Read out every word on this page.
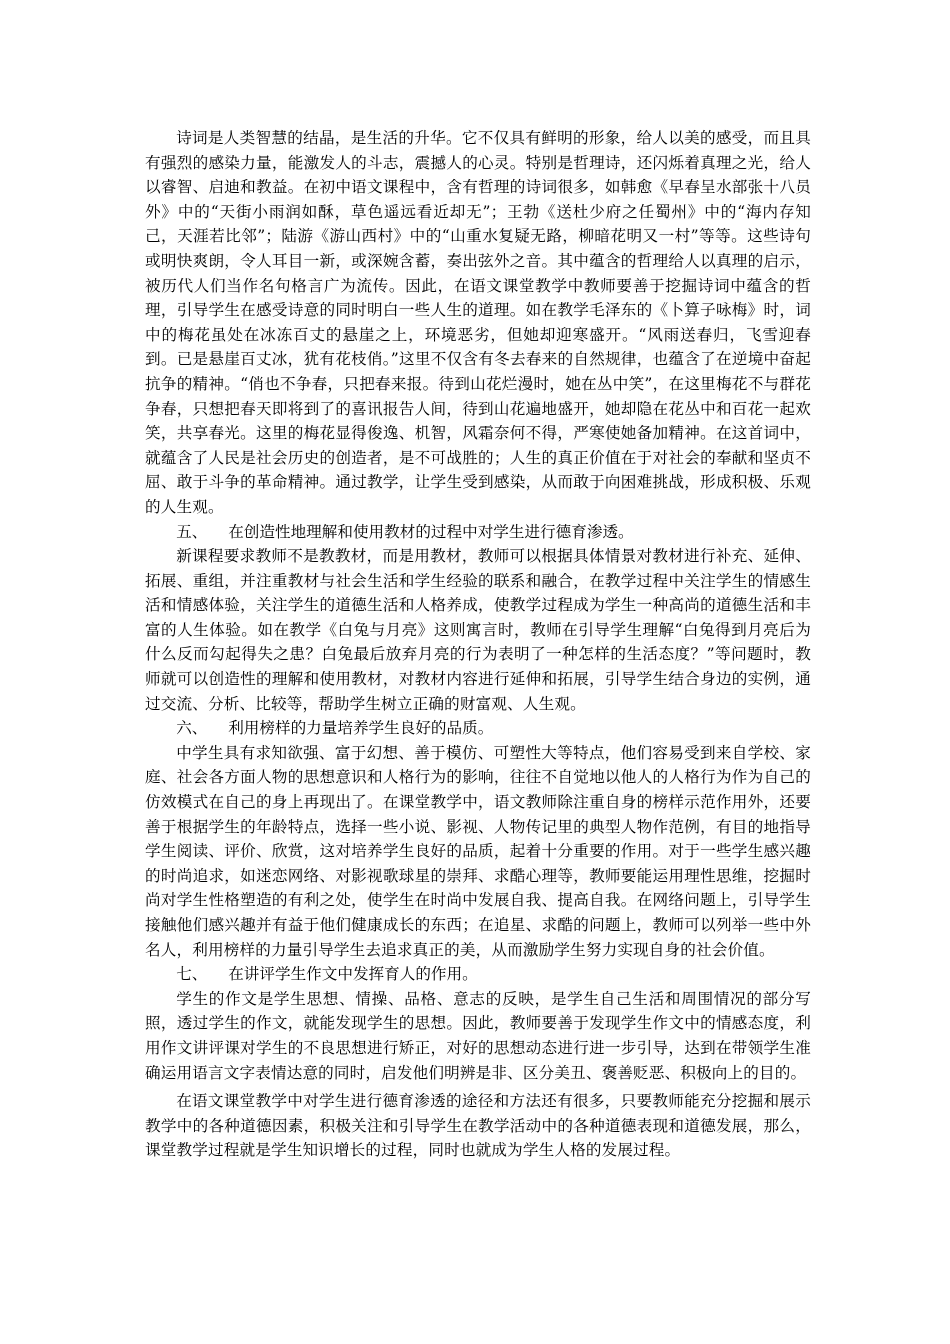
诗词是人类智慧的结晶，是生活的升华。它不仅具有鲜明的形象，给人以美的感受，而且具有强烈的感染力量，能激发人的斗志，震撼人的心灵。特别是哲理诗，还闪烁着真理之光，给人以睿智、启迪和教益。在初中语文课程中，含有哲理的诗词很多，如韩愈《早春呈水部张十八员外》中的“天街小雨润如酥，草色遥远看近却无”；王勃《送杜少府之任蜀州》中的“海内存知己，天涯若比邻”；陆游《游山西村》中的“山重水复疑无路，柳暗花明又一村”等等。这些诗句或明快爽朗，令人耳目一新，或深婉含蓄，奏出弦外之音。其中蕴含的哲理给人以真理的启示，被历代人们当作名句格言广为流传。因此，在语文课堂教学中教师要善于挖掘诗词中蕴含的哲理，引导学生在感受诗意的同时明白一些人生的道理。如在教学毛泽东的《卜算子咏梅》时，词中的梅花虽处在冰冻百丈的悬崖之上，环境恶劣，但她却迎寒盛开。“风雨送春归，飞雪迎春到。已是悬崖百丈冰，犹有花枝俏。”这里不仅含有冬去春来的自然规律，也蕴含了在逆境中奋起抗争的精神。“俏也不争春，只把春来报。待到山花烂漫时，她在丛中笑”，在这里梅花不与群花争春，只想把春天即将到了的喜讯报告人间，待到山花遍地盛开，她却隐在花丛中和百花一起欢笑，共享春光。这里的梅花显得俊逸、机智，风霜奈何不得，严寒使她备加精神。在这首词中，就蕴含了人民是社会历史的创造者，是不可战胜的；人生的真正价值在于对社会的奉献和坚贞不屈、敢于斗争的革命精神。通过教学，让学生受到感染，从而敢于向困难挑战，形成积极、乐观的人生观。

五、 在创造性地理解和使用教材的过程中对学生进行德育渗透。

新课程要求教师不是教教材，而是用教材，教师可以根据具体情景对教材进行补充、延伸、拓展、重组，并注重教材与社会生活和学生经验的联系和融合，在教学过程中关注学生的情感生活和情感体验，关注学生的道德生活和人格养成，使教学过程成为学生一种高尚的道德生活和丰富的人生体验。如在教学《白兔与月亮》这则寓言时，教师在引导学生理解“白兔得到月亮后为什么反而勾起得失之患？白兔最后放弃月亮的行为表明了一种怎样的生活态度？”等问题时，教师就可以创造性的理解和使用教材，对教材内容进行延伸和拓展，引导学生结合身边的实例，通过交流、分析、比较等，帮助学生树立正确的财富观、人生观。

六、 利用榜样的力量培养学生良好的品质。

中学生具有求知欲强、富于幻想、善于模仿、可塑性大等特点，他们容易受到来自学校、家庭、社会各方面人物的思想意识和人格行为的影响，往往不自觉地以他人的人格行为作为自己的仿效模式在自己的身上再现出了。在课堂教学中，语文教师除注重自身的榜样示范作用外，还要善于根据学生的年龄特点，选择一些小说、影视、人物传记里的典型人物作范例，有目的地指导学生阅读、评价、欣赏，这对培养学生良好的品质，起着十分重要的作用。对于一些学生感兴趣的时尚追求，如迷恋网络、对影视歌球星的崇拜、求酷心理等，教师要能运用理性思维，挖掘时尚对学生性格塑造的有利之处，使学生在时尚中发展自我、提高自我。在网络问题上，引导学生接触他们感兴趣并有益于他们健康成长的东西；在追星、求酷的问题上，教师可以列举一些中外名人，利用榜样的力量引导学生去追求真正的美，从而激励学生努力实现自身的社会价值。

七、 在讲评学生作文中发挥育人的作用。

学生的作文是学生思想、情操、品格、意志的反映，是学生自己生活和周围情况的部分写照，透过学生的作文，就能发现学生的思想。因此，教师要善于发现学生作文中的情感态度，利用作文讲评课对学生的不良思想进行矫正，对好的思想动态进行进一步引导，达到在带领学生准确运用语言文字表情达意的同时，启发他们明辨是非、区分美丑、褒善贬恶、积极向上的目的。

在语文课堂教学中对学生进行德育渗透的途径和方法还有很多，只要教师能充分挖掘和展示教学中的各种道德因素，积极关注和引导学生在教学活动中的各种道德表现和道德发展，那么，课堂教学过程就是学生知识增长的过程，同时也就成为学生人格的发展过程。
